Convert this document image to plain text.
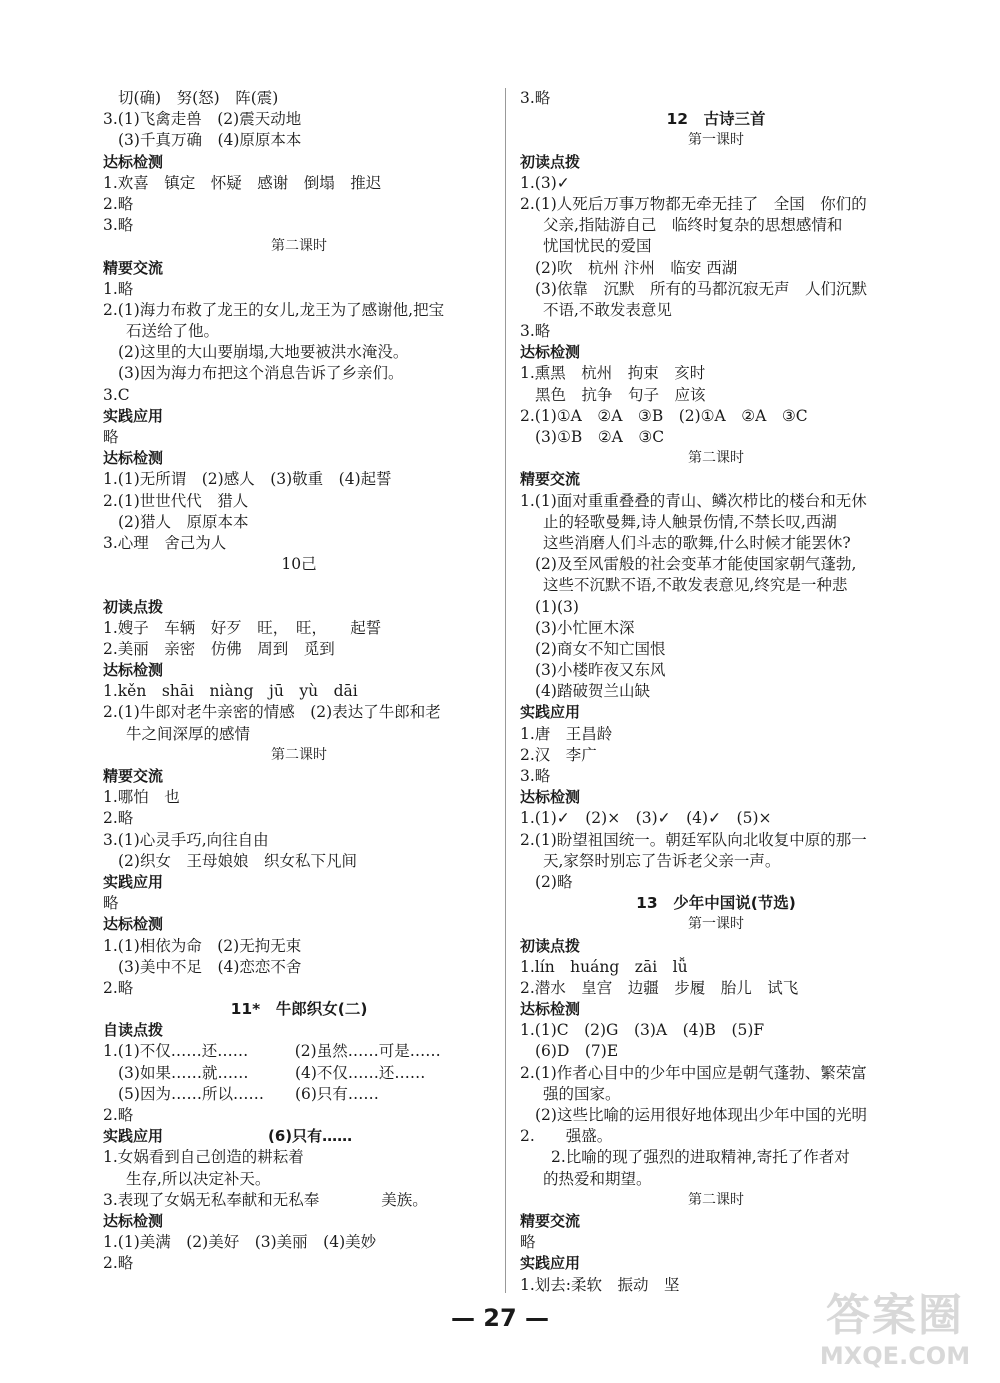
切(确)　努(怒)　阵(震)
3.(1)飞禽走兽　(2)震天动地
(3)千真万确　(4)原原本本
达标检测
1.欢喜　镇定　怀疑　感谢　倒塌　推迟
2.略
3.略
第二课时
精要交流
1.略
2.(1)海力布救了龙王的女儿,龙王为了感谢他,把宝
石送给了他。
(2)这里的大山要崩塌,大地要被洪水淹没。
(3)因为海力布把这个消息告诉了乡亲们。
3.C
实践应用
略
达标检测
1.(1)无所谓　(2)感人　(3)敬重　(4)起誓
2.(1)世世代代　猎人
(2)猎人　原原本本
3.心理　舍己为人
10己
初读点拨
1.嫂子　车辆　好歹　旺，　旺，　　起誓
2.美丽　亲密　仿佛　周到　觅到
达标检测
1.kěn　shāi　niàng　jū　yù　dāi
2.(1)牛郎对老牛亲密的情感　(2)表达了牛郎和老
牛之间深厚的感情
第二课时
精要交流
1.哪怕　也
2.略
3.(1)心灵手巧,向往自由
(2)织女　王母娘娘　织女私下凡间
实践应用
略
达标检测
1.(1)相依为命　(2)无拘无束
(3)美中不足　(4)恋恋不舍
2.略
11*　牛郎织女(二)
自读点拨
1.(1)不仅……还……　　　(2)虽然……可是……
(3)如果……就……　　　(4)不仅……还……
(5)因为……所以……　　(6)只有……
2.略
实践应用　　　　　　　(6)只有……
1.女娲看到自己创造的耕耘着
生存,所以决定补天。
3.表现了女娲无私奉献和无私奉　　　　美族。
达标检测
1.(1)美满　(2)美好　(3)美丽　(4)美妙
2.略
3.略
12　古诗三首
第一课时
初读点拨
1.(3)✓
2.(1)人死后万事万物都无牵无挂了　全国　你们的
父亲,指陆游自己　临终时复杂的思想感情和
忧国忧民的爱国
(2)吹　杭州 汴州　临安 西湖
(3)依靠　沉默　所有的马都沉寂无声　人们沉默
不语,不敢发表意见
3.略
达标检测
1.熏黑　杭州　拘束　亥时
黑色　抗争　句子　应该
2.(1)①A　②A　③B　(2)①A　②A　③C
(3)①B　②A　③C
第二课时
精要交流
1.(1)面对重重叠叠的青山、鳞次栉比的楼台和无休
止的轻歌曼舞,诗人触景伤情,不禁长叹,西湖
这些消磨人们斗志的歌舞,什么时候才能罢休?
(2)及至风雷般的社会变革才能使国家朝气蓬勃,
这些不沉默不语,不敢发表意见,终究是一种悲
(1)(3)
(3)小忙匣木深
(2)商女不知亡国恨
(3)小楼昨夜又东风
(4)踏破贺兰山缺
实践应用
1.唐　王昌龄
2.汉　李广
3.略
达标检测
1.(1)✓　(2)×　(3)✓　(4)✓　(5)×
2.(1)盼望祖国统一。朝廷军队向北收复中原的那一
天,家祭时别忘了告诉老父亲一声。
(2)略
13　少年中国说(节选)
第一课时
初读点拨
1.lín　huáng　zāi　lǚ
2.潜水　皇宫　边疆　步履　胎儿　试飞
达标检测
1.(1)C　(2)G　(3)A　(4)B　(5)F
(6)D　(7)E
2.(1)作者心目中的少年中国应是朝气蓬勃、繁荣富
强的国家。
(2)这些比喻的运用很好地体现出少年中国的光明
2.　　强盛。
　　2.比喻的现了强烈的进取精神,寄托了作者对
的热爱和期望。
第二课时
精要交流
略
实践应用
1.划去:柔软　振动　坚
— 27 —	答案圈
MXQE.COM
